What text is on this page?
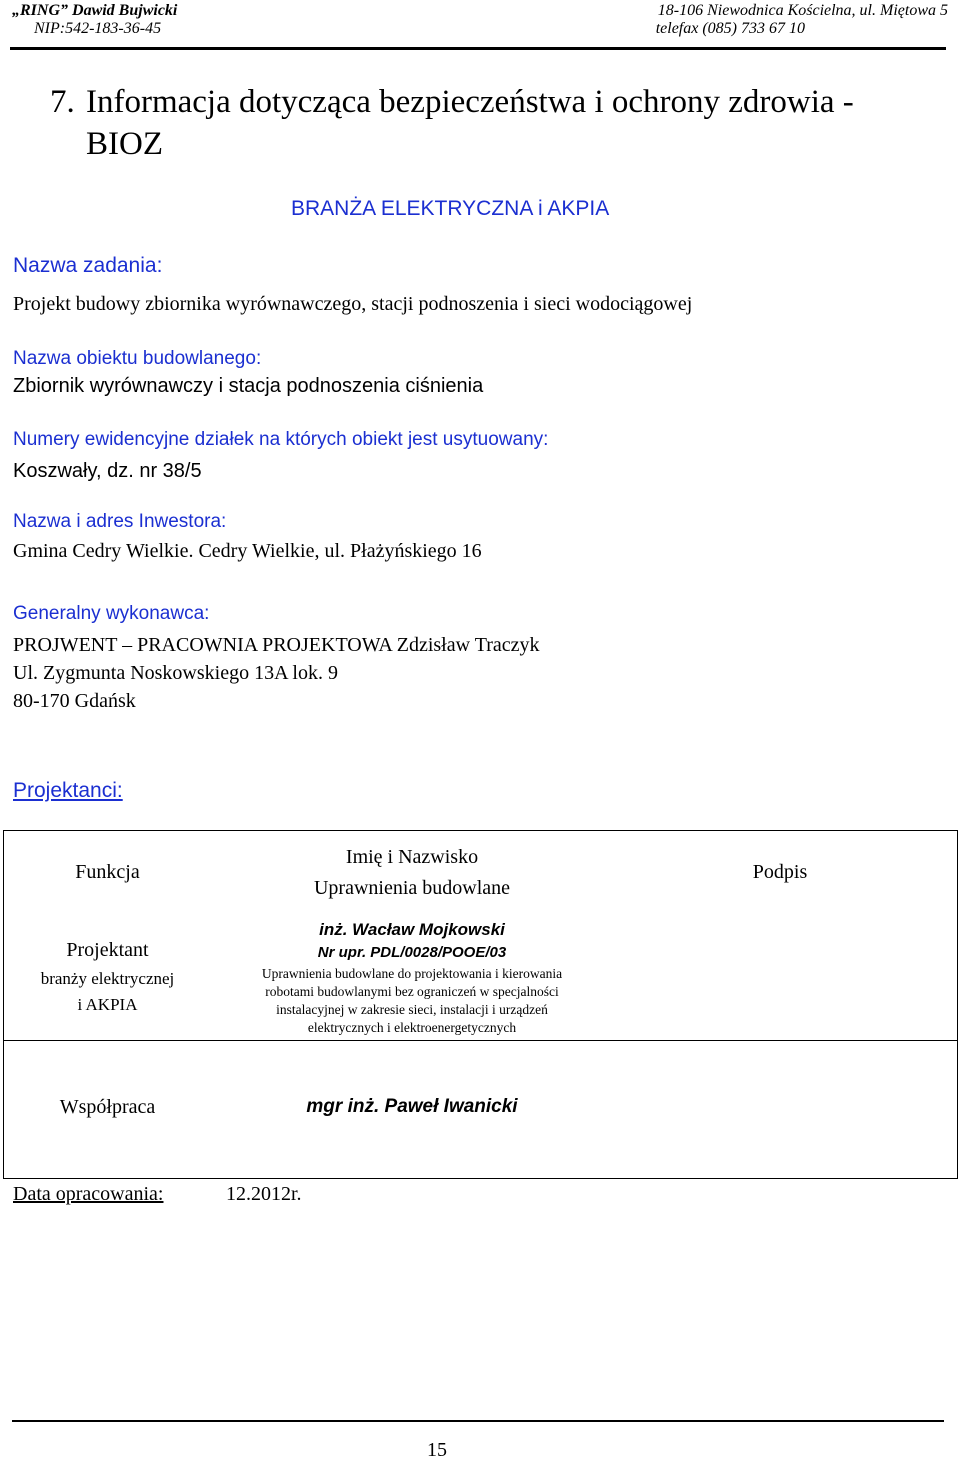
„RING” Dawid Bujwicki
NIP:542-183-36-45
18-106 Niewodnica Kościelna, ul. Miętowa 5
telefax (085) 733 67 10
7. Informacja dotycząca bezpieczeństwa i ochrony zdrowia -
BIOZ
BRANŻA ELEKTRYCZNA i AKPIA
Nazwa zadania:
Projekt budowy zbiornika wyrównawczego, stacji podnoszenia i sieci wodociągowej
Nazwa obiektu budowlanego:
Zbiornik wyrównawczy i stacja podnoszenia ciśnienia
Numery ewidencyjne działek na których obiekt jest usytuowany:
Koszwały, dz. nr 38/5
Nazwa i adres Inwestora:
Gmina Cedry Wielkie. Cedry Wielkie, ul. Płażyńskiego 16
Generalny wykonawca:
PROJWENT – PRACOWNIA PROJEKTOWA Zdzisław Traczyk
Ul. Zygmunta Noskowskiego 13A lok. 9
80-170 Gdańsk
Projektanci:
Funkcja
Imię i Nazwisko
Uprawnienia budowlane
Podpis
Projektant
branży elektrycznej
i AKPIA
inż. Wacław Mojkowski
Nr upr. PDL/0028/POOE/03
Uprawnienia budowlane do projektowania i kierowania
robotami budowlanymi bez ograniczeń w specjalności
instalacyjnej w zakresie sieci, instalacji i urządzeń
elektrycznych i elektroenergetycznych
Współpraca	mgr inż. Paweł Iwanicki
Data opracowania:	12.2012r.
15
